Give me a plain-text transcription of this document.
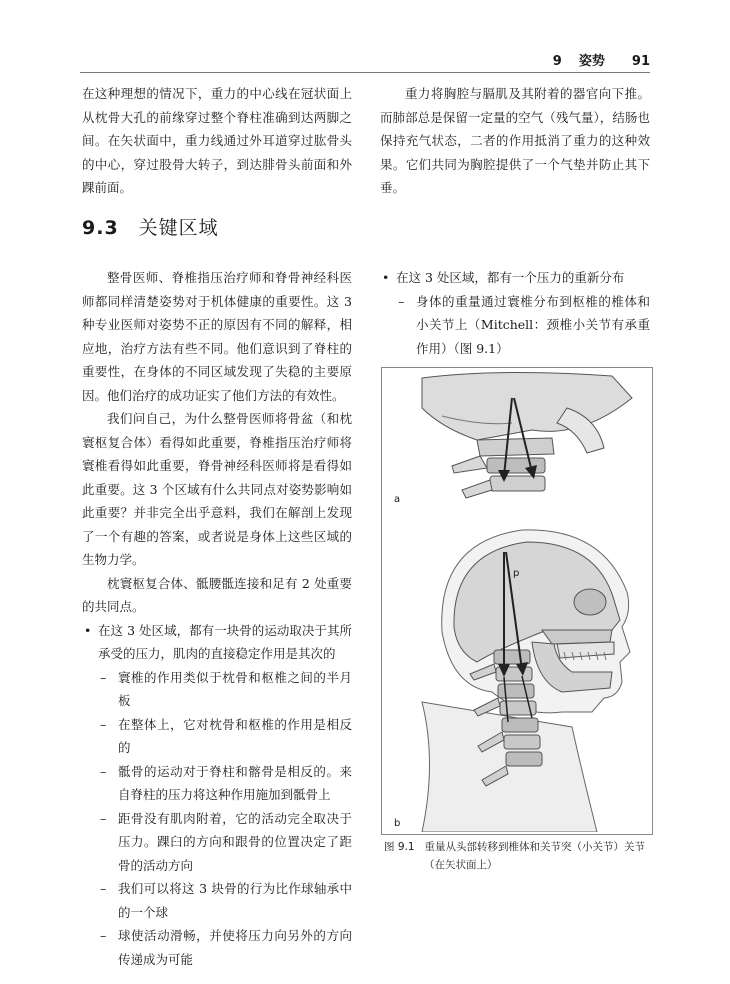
9 姿势 91

在这种理想的情况下，重力的中心线在冠状面上从枕骨大孔的前缘穿过整个脊柱准确到达两脚之间。在矢状面中，重力线通过外耳道穿过肱骨头的中心，穿过股骨大转子，到达腓骨头前面和外踝前面。

重力将胸腔与膈肌及其附着的器官向下推。而肺部总是保留一定量的空气（残气量），结肠也保持充气状态，二者的作用抵消了重力的这种效果。它们共同为胸腔提供了一个气垫并防止其下垂。

9.3 关键区域

整骨医师、脊椎指压治疗师和脊骨神经科医师都同样清楚姿势对于机体健康的重要性。这 3 种专业医师对姿势不正的原因有不同的解释，相应地，治疗方法有些不同。他们意识到了脊柱的重要性，在身体的不同区域发现了失稳的主要原因。他们治疗的成功证实了他们方法的有效性。

我们问自己，为什么整骨医师将骨盆（和枕寰枢复合体）看得如此重要，脊椎指压治疗师将寰椎看得如此重要，脊骨神经科医师将是看得如此重要。这 3 个区域有什么共同点对姿势影响如此重要？并非完全出乎意料，我们在解剖上发现了一个有趣的答案，或者说是身体上这些区域的生物力学。

枕寰枢复合体、骶腰骶连接和足有 2 处重要的共同点。

• 在这 3 处区域，都有一块骨的运动取决于其所承受的压力，肌肉的直接稳定作用是其次的
– 寰椎的作用类似于枕骨和枢椎之间的半月板
– 在整体上，它对枕骨和枢椎的作用是相反的
– 骶骨的运动对于脊柱和髂骨是相反的。来自脊柱的压力将这种作用施加到骶骨上
– 距骨没有肌肉附着，它的活动完全取决于压力。踝臼的方向和跟骨的位置决定了距骨的活动方向
– 我们可以将这 3 块骨的行为比作球轴承中的一个球
– 球使活动滑畅，并使将压力向另外的方向传递成为可能
• 在这 3 处区域，都有一个压力的重新分布
– 身体的重量通过寰椎分布到枢椎的椎体和小关节上（Mitchell：颈椎小关节有承重作用）（图 9.1）
a
p
b
图 9.1 重量从头部转移到椎体和关节突（小关节）关节
（在矢状面上）
